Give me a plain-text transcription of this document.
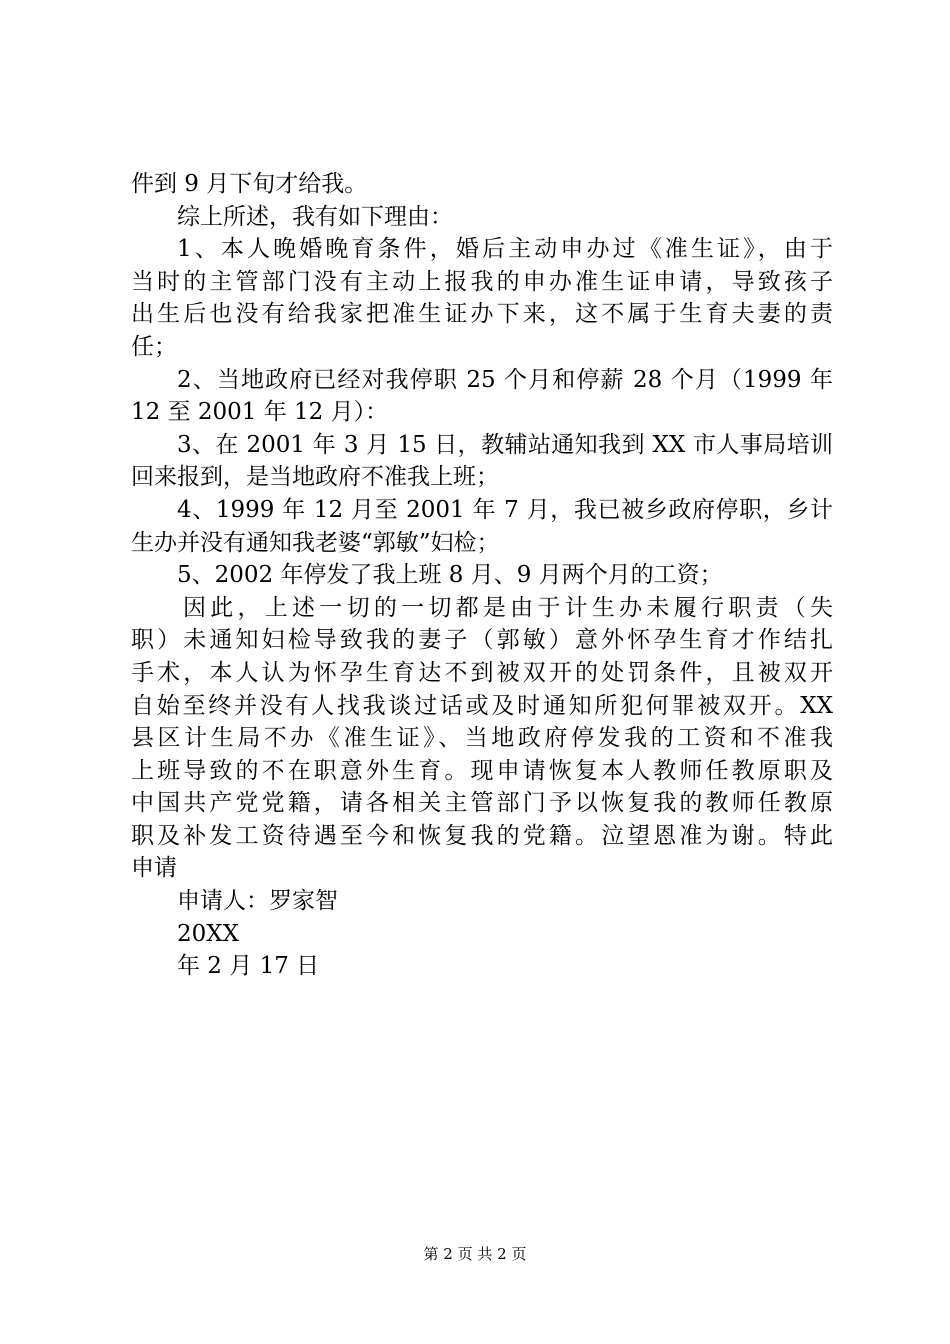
件到 9 月下旬才给我。
综上所述，我有如下理由：
1、本人晚婚晚育条件，婚后主动申办过《准生证》，由于
当时的主管部门没有主动上报我的申办准生证申请，导致孩子
出生后也没有给我家把准生证办下来，这不属于生育夫妻的责
任；
2、当地政府已经对我停职 25 个月和停薪 28 个月（1999 年
12 至 2001 年 12 月）：
3、在 2001 年 3 月 15 日，教辅站通知我到 XX 市人事局培训
回来报到，是当地政府不准我上班；
4、1999 年 12 月至 2001 年 7 月，我已被乡政府停职，乡计
生办并没有通知我老婆“郭敏”妇检；
5、2002 年停发了我上班 8 月、9 月两个月的工资；
因此，上述一切的一切都是由于计生办未履行职责（失
职）未通知妇检导致我的妻子（郭敏）意外怀孕生育才作结扎
手术，本人认为怀孕生育达不到被双开的处罚条件，且被双开
自始至终并没有人找我谈过话或及时通知所犯何罪被双开。XX
县区计生局不办《准生证》、当地政府停发我的工资和不准我
上班导致的不在职意外生育。现申请恢复本人教师任教原职及
中国共产党党籍，请各相关主管部门予以恢复我的教师任教原
职及补发工资待遇至今和恢复我的党籍。泣望恩准为谢。特此
申请
申请人：罗家智
20XX
年 2 月 17 日
第 2 页 共 2 页
